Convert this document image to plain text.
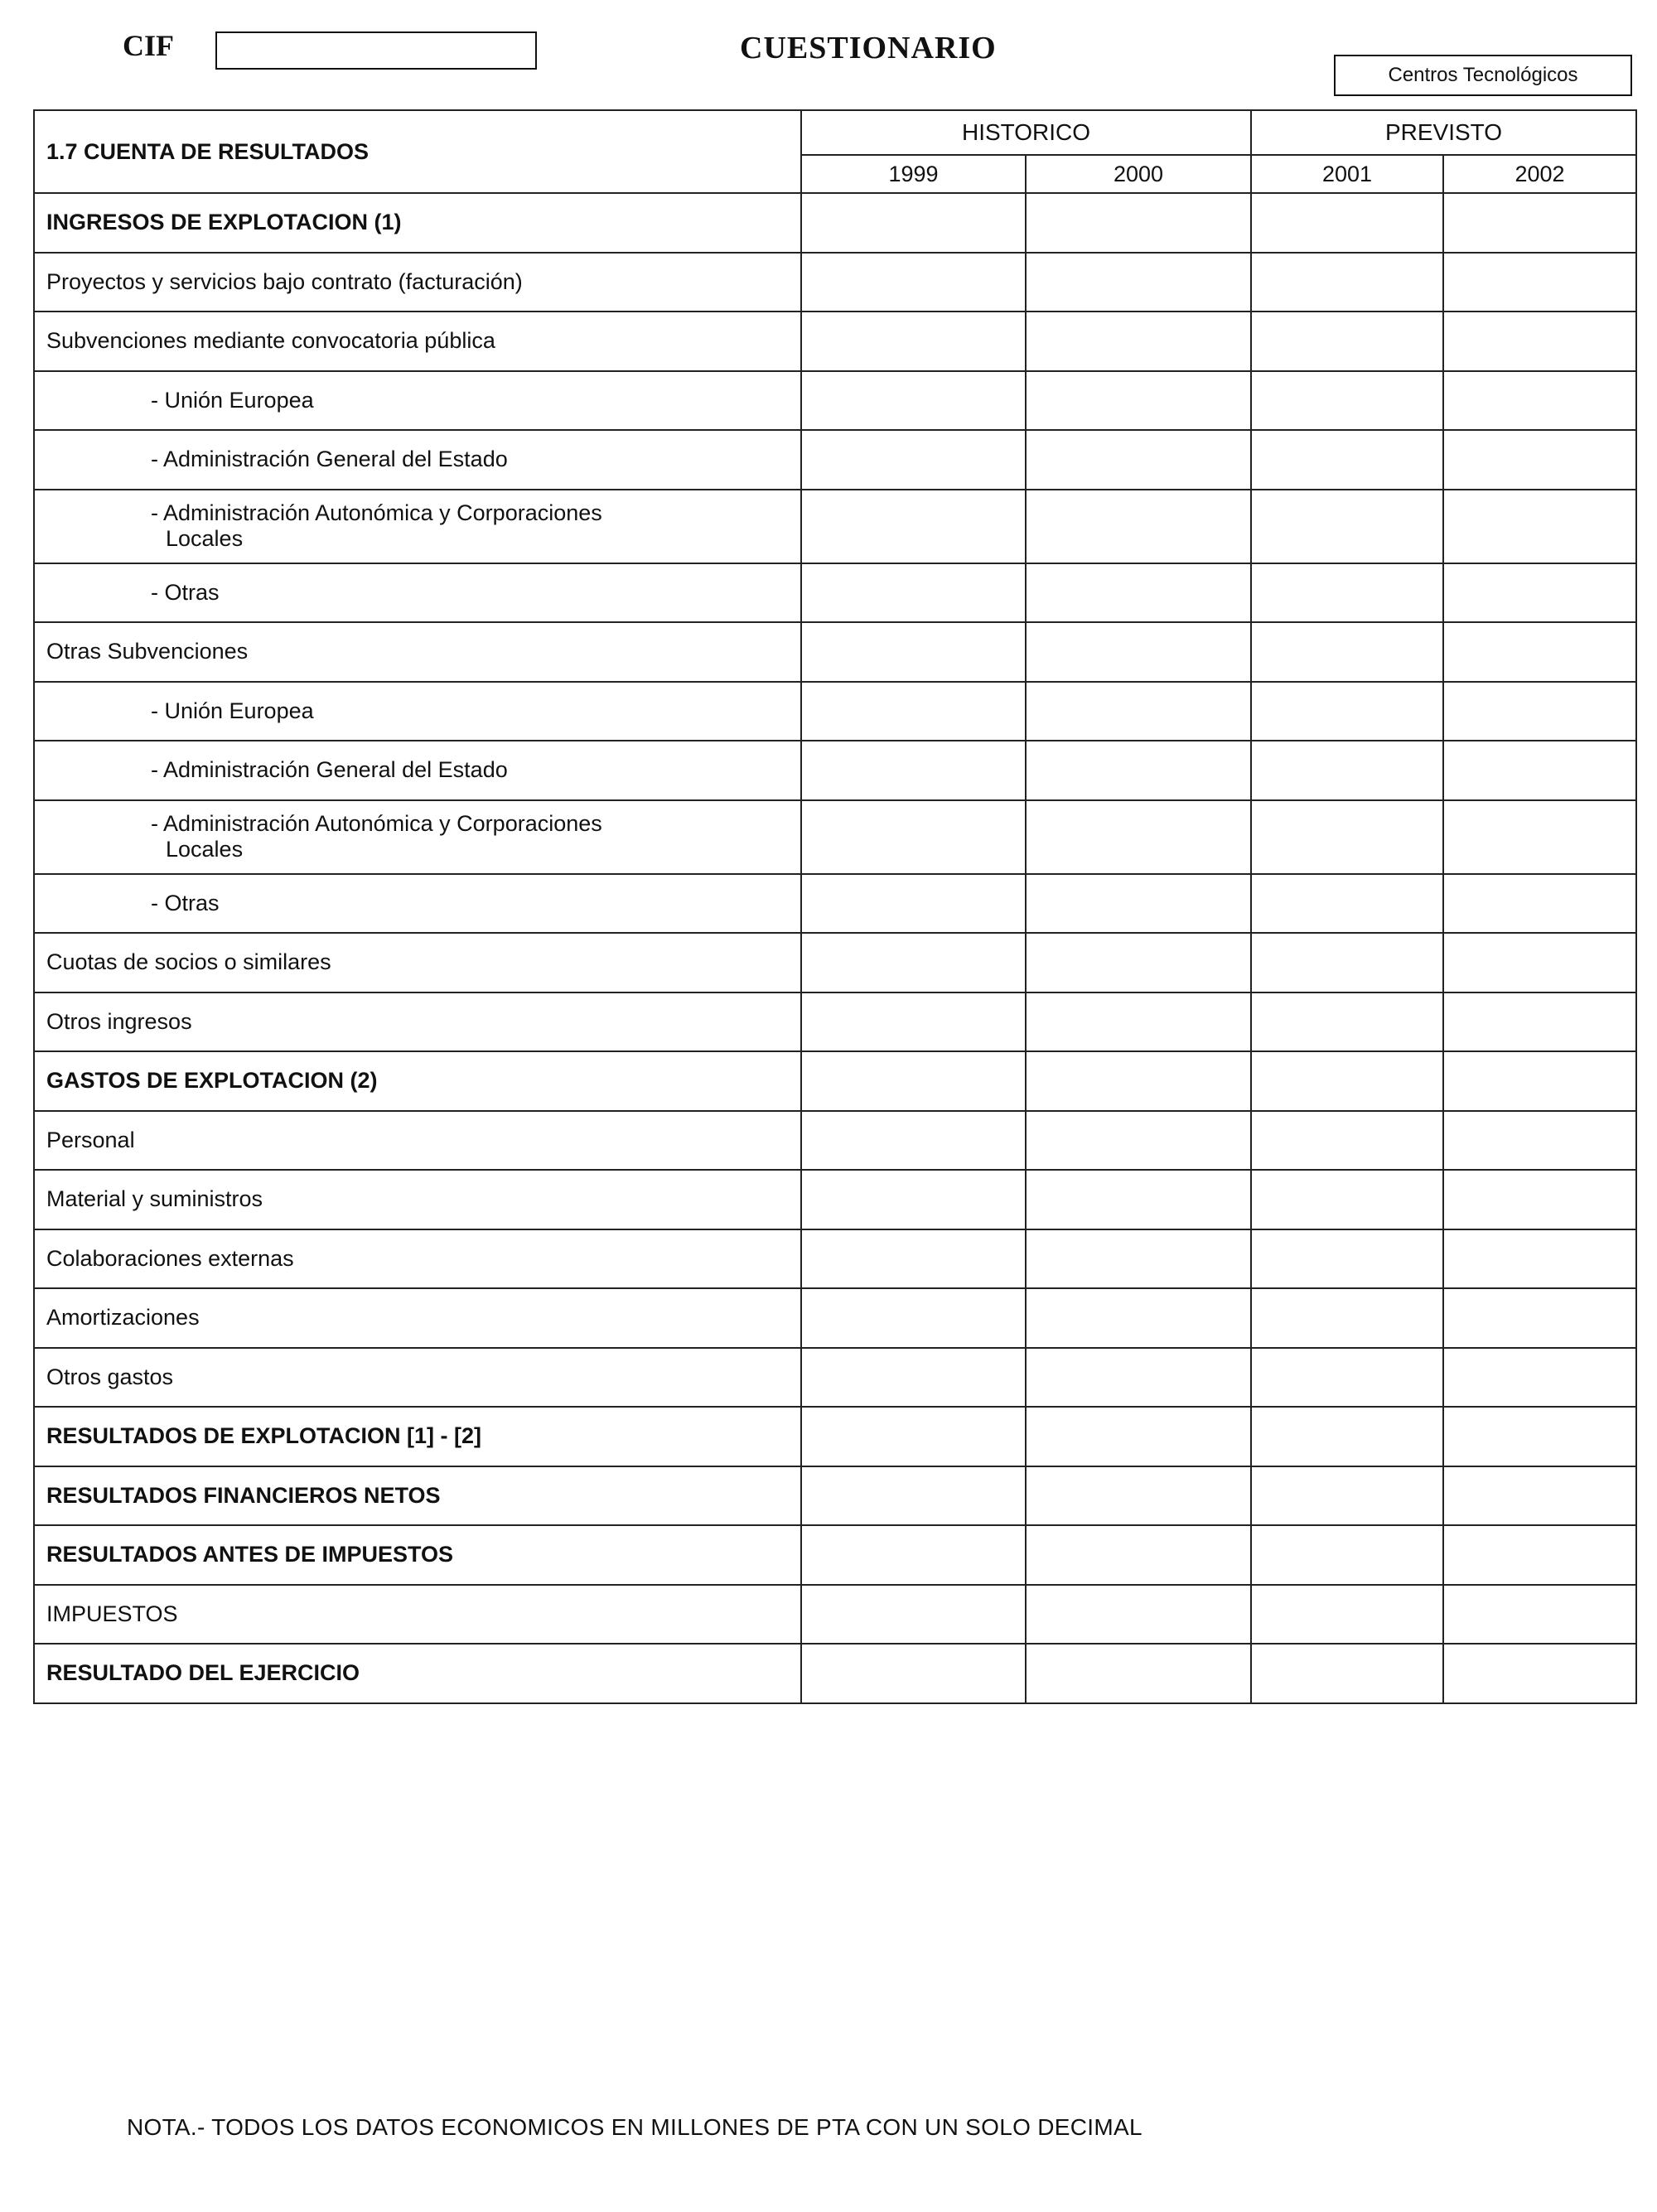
CIF	CUESTIONARIO
Centros Tecnológicos
1.7 CUENTA DE RESULTADOS	HISTORICO		PREVISTO	
	1999	2000	2001	2002

INGRESOS DE EXPLOTACION (1)				

Proyectos y servicios bajo contrato (facturación)				

Subvenciones mediante convocatoria pública				

- Unión Europea				

- Administración General del Estado				

- Administración Autonómica y Corporaciones
Locales				

- Otras				

Otras Subvenciones				

- Unión Europea				

- Administración General del Estado				

- Administración Autonómica y Corporaciones
Locales				

- Otras				

Cuotas de socios o similares				

Otros ingresos				

GASTOS DE EXPLOTACION (2)				

Personal				

Material y suministros				

Colaboraciones externas				

Amortizaciones				

Otros gastos				

RESULTADOS DE EXPLOTACION [1] - [2]				

RESULTADOS FINANCIEROS NETOS				

RESULTADOS ANTES DE IMPUESTOS				

IMPUESTOS				

RESULTADO DEL EJERCICIO				

NOTA.- TODOS LOS DATOS ECONOMICOS EN MILLONES DE PTA CON UN SOLO DECIMAL
